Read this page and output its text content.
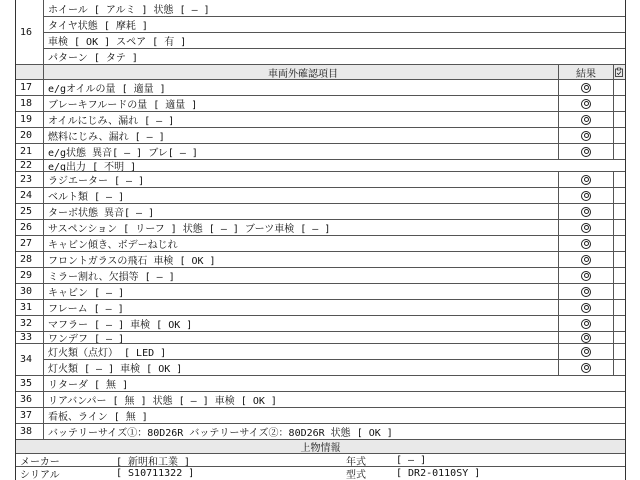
16
ホイール [ アルミ ] 状態 [ ― ]
タイヤ状態 [ 摩耗 ]
車検 [ OK ] スペア [ 有 ]
パターン [ タテ ]
車両外確認項目	結果
17	e/gオイルの量 [ 適量 ]
18	ブレーキフルードの量 [ 適量 ]
19	オイルにじみ、漏れ [ ― ]
20	燃料にじみ、漏れ [ ― ]
21	e/g状態 異音[ ― ] ブレ[ ― ]
22	e/g出力 [ 不明 ]
23	ラジエーター [ ― ]
24	ベルト類 [ ― ]
25	ターボ状態 異音[ ― ]
26	サスペンション [ リーフ ] 状態 [ ― ] ブーツ車検 [ ― ]
27	キャビン傾き、ボデーねじれ
28	フロントガラスの飛石 車検 [ OK ]
29	ミラー割れ、欠損等 [ ― ]
30	キャビン [ ― ]
31	フレーム [ ― ]
32	マフラー [ ― ] 車検 [ OK ]
33	ワンデフ [ ― ]
34
灯火類（点灯） [ LED ]
灯火類 [ ― ] 車検 [ OK ]
35	リターダ [ 無 ]
36	リアバンパー [ 無 ] 状態 [ ― ] 車検 [ OK ]
37	看板、ライン [ 無 ]
38	バッテリーサイズ①：80D26R バッテリーサイズ②：80D26R 状態 [ OK ]
上物情報
メーカー	[ 新明和工業 ]	年式	[ ― ]
シリアル	[ S10711322 ]	型式	[ DR2-0110SY ]
